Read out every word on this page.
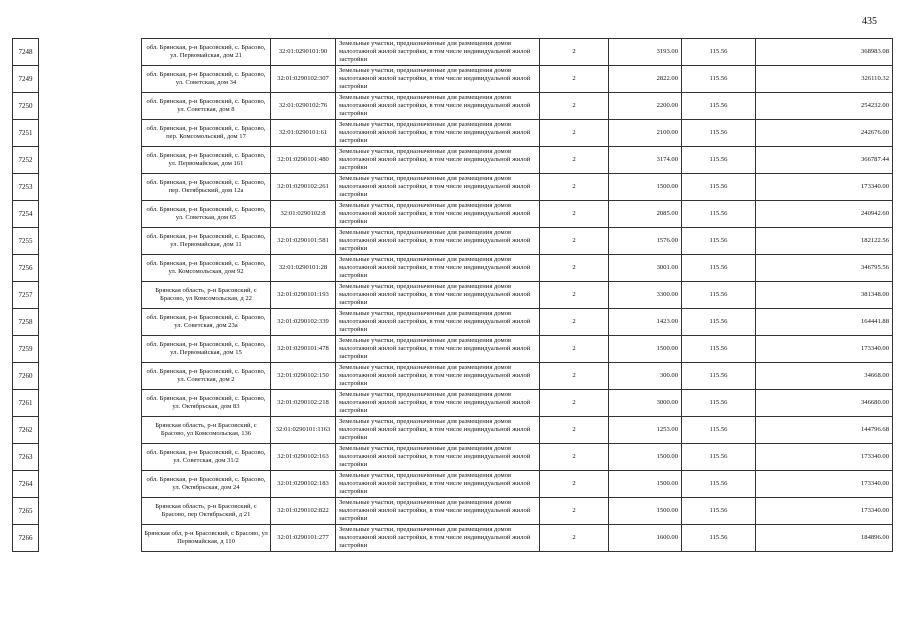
435
7248		обл. Брянская, р-н Брасовский, с. Брасово, ул. Первомайская, дом 21	32:01:0290101:90	Земельные участки, предназначенные для размещения домов малоэтажной жилой застройки, в том числе индивидуальной жилой застройки	2	3193.00	115.56	368983.08
7249		обл. Брянская, р-н Брасовский, с. Брасово, ул. Советская, дом 34	32:01:0290102:307	Земельные участки, предназначенные для размещения домов малоэтажной жилой застройки, в том числе индивидуальной жилой застройки	2	2822.00	115.56	326110.32
7250		обл. Брянская, р-н Брасовский, с. Брасово, ул. Советская, дом 8	32:01:0290102:76	Земельные участки, предназначенные для размещения домов малоэтажной жилой застройки, в том числе индивидуальной жилой застройки	2	2200.00	115.56	254232.00
7251		обл. Брянская, р-н Брасовский, с. Брасово, пер. Комсомольский, дом 17	32:01:0290101:61	Земельные участки, предназначенные для размещения домов малоэтажной жилой застройки, в том числе индивидуальной жилой застройки	2	2100.00	115.56	242676.00
7252		обл. Брянская, р-н Брасовский, с. Брасово, ул. Первомайская, дом 161	32:01:0290101:480	Земельные участки, предназначенные для размещения домов малоэтажной жилой застройки, в том числе индивидуальной жилой застройки	2	3174.00	115.56	366787.44
7253		обл. Брянская, р-н Брасовский, с. Брасово, пер. Октябрьский, дом 12а	32:01:0290102:261	Земельные участки, предназначенные для размещения домов малоэтажной жилой застройки, в том числе индивидуальной жилой застройки	2	1500.00	115.56	173340.00
7254		обл. Брянская, р-н Брасовский, с. Брасово, ул. Советская, дом 65	32:01:0290102:8	Земельные участки, предназначенные для размещения домов малоэтажной жилой застройки, в том числе индивидуальной жилой застройки	2	2085.00	115.56	240942.60
7255		обл. Брянская, р-н Брасовский, с. Брасово, ул. Первомайская, дом 11	32:01:0290101:581	Земельные участки, предназначенные для размещения домов малоэтажной жилой застройки, в том числе индивидуальной жилой застройки	2	1576.00	115.56	182122.56
7256		обл. Брянская, р-н Брасовский, с. Брасово, ул. Комсомольская, дом 92	32:01:0290101:28	Земельные участки, предназначенные для размещения домов малоэтажной жилой застройки, в том числе индивидуальной жилой застройки	2	3001.00	115.56	346795.56
7257		Брянская область, р-н Брасовский, с Брасово, ул Комсомольская, д 22	32:01:0290101:193	Земельные участки, предназначенные для размещения домов малоэтажной жилой застройки, в том числе индивидуальной жилой застройки	2	3300.00	115.56	381348.00
7258		обл. Брянская, р-н Брасовский, с. Брасово, ул. Советская, дом 23а	32:01:0290102:339	Земельные участки, предназначенные для размещения домов малоэтажной жилой застройки, в том числе индивидуальной жилой застройки	2	1423.00	115.56	164441.88
7259		обл. Брянская, р-н Брасовский, с. Брасово, ул. Первомайская, дом 15	32:01:0290101:478	Земельные участки, предназначенные для размещения домов малоэтажной жилой застройки, в том числе индивидуальной жилой застройки	2	1500.00	115.56	173340.00
7260		обл. Брянская, р-н Брасовский, с. Брасово, ул. Советская, дом 2	32:01:0290102:150	Земельные участки, предназначенные для размещения домов малоэтажной жилой застройки, в том числе индивидуальной жилой застройки	2	300.00	115.56	34668.00
7261		обл. Брянская, р-н Брасовский, с. Брасово, ул. Октябрьская, дом 83	32:01:0290102:218	Земельные участки, предназначенные для размещения домов малоэтажной жилой застройки, в том числе индивидуальной жилой застройки	2	3000.00	115.56	346680.00
7262		Брянская область, р-н Брасовский, с Брасово, ул Комсомольская, 136	32:01:0290101:1163	Земельные участки, предназначенные для размещения домов малоэтажной жилой застройки, в том числе индивидуальной жилой застройки	2	1253.00	115.56	144796.68
7263		обл. Брянская, р-н Брасовский, с. Брасово, ул. Советская, дом 31/2	32:01:0290102:163	Земельные участки, предназначенные для размещения домов малоэтажной жилой застройки, в том числе индивидуальной жилой застройки	2	1500.00	115.56	173340.00
7264		обл. Брянская, р-н Брасовский, с. Брасово, ул. Октябрьская, дом 24	32:01:0290102:183	Земельные участки, предназначенные для размещения домов малоэтажной жилой застройки, в том числе индивидуальной жилой застройки	2	1500.00	115.56	173340.00
7265		Брянская область, р-н Брасовский, с Брасово, пер Октябрьский, д 21	32:01:0290102:822	Земельные участки, предназначенные для размещения домов малоэтажной жилой застройки, в том числе индивидуальной жилой застройки	2	1500.00	115.56	173340.00
7266		Брянская обл, р-н Брасовский, с Брасово, ул Первомайская, д 110	32:01:0290101:277	Земельные участки, предназначенные для размещения домов малоэтажной жилой застройки, в том числе индивидуальной жилой застройки	2	1600.00	115.56	184896.00
